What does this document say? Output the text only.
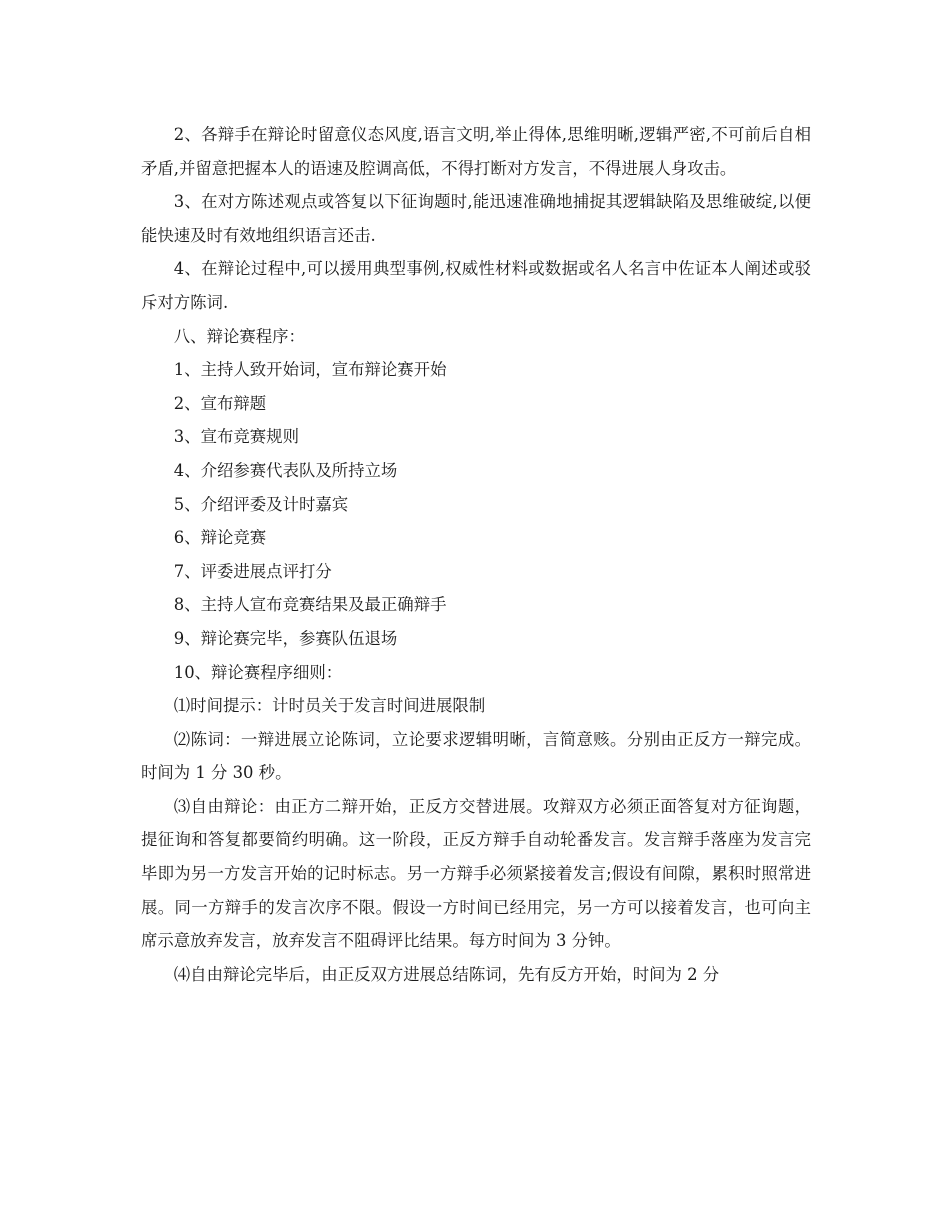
2、各辩手在辩论时留意仪态风度,语言文明,举止得体,思维明晰,逻辑严密,不可前后自相矛盾,并留意把握本人的语速及腔调高低，不得打断对方发言，不得进展人身攻击。

3、在对方陈述观点或答复以下征询题时,能迅速准确地捕捉其逻辑缺陷及思维破绽,以便能快速及时有效地组织语言还击.

4、在辩论过程中,可以援用典型事例,权威性材料或数据或名人名言中佐证本人阐述或驳斥对方陈词.

八、辩论赛程序：

1、主持人致开始词，宣布辩论赛开始

2、宣布辩题

3、宣布竞赛规则

4、介绍参赛代表队及所持立场

5、介绍评委及计时嘉宾

6、辩论竞赛

7、评委进展点评打分

8、主持人宣布竞赛结果及最正确辩手

9、辩论赛完毕，参赛队伍退场

10、辩论赛程序细则：

⑴时间提示：计时员关于发言时间进展限制

⑵陈词：一辩进展立论陈词，立论要求逻辑明晰，言简意赅。分别由正反方一辩完成。时间为 1 分 30 秒。

⑶自由辩论：由正方二辩开始，正反方交替进展。攻辩双方必须正面答复对方征询题，提征询和答复都要简约明确。这一阶段，正反方辩手自动轮番发言。发言辩手落座为发言完毕即为另一方发言开始的记时标志。另一方辩手必须紧接着发言;假设有间隙，累积时照常进展。同一方辩手的发言次序不限。假设一方时间已经用完，另一方可以接着发言，也可向主席示意放弃发言，放弃发言不阻碍评比结果。每方时间为 3 分钟。

⑷自由辩论完毕后，由正反双方进展总结陈词，先有反方开始，时间为 2 分
